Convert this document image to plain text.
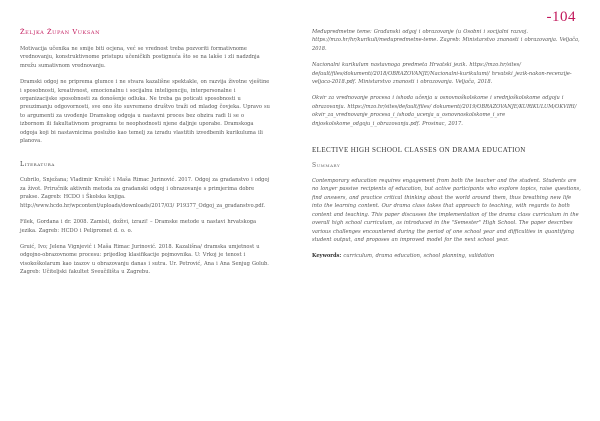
-104

Željka Župan Vuksan

Motivacija učenika ne smije biti ocjena, već se vrednost treba pozvoriti formativnome vrednovanju, konstruktivnome pristupu učeničkih postignuća što se na lakše i zli nadzdnja mrežu sumativnom vrednovanju.

Dramski odgoj ne priprema glumce i ne stvara kazališne spektakle, on razvija životne vještine i sposobnosti, kreativnost, emocionalnu i socijalnu inteligenciju, interpersonalne i organizacijske sposobnosti za donošenje odluka. Ne treba ga poticati sposobnosti u preuzimanju odgovornosti, sve ono što suvremeno društvo traži od mladog čovjeka. Upravo su to argumenti za uvođenje Dramskog odgoja u nastavni proces bez obzira radi li se o izbornom ili fakultativnom programu te neophodnosti njene daljnje uporabe. Dramskoga odgoja koji bi nastavnicima poslužio kao temelj za izradu vlastitih izvedbenih kurikuluma ili planova.

Literatura

Cubrilo, Snježana; Vladimir Krušić i Maša Rimac Jurinović. 2017. Odgoj za gradanstvo i odgoj za život. Priručnik aktivnih metoda za gradanski odgoj i obrazovanje s primjerima dobre prakse. Zagreb: HCDO i Školska knjiga. http://www.hcdo.hr/wpcontent/uploads/downloads/2017/03/ P19377_Odgoj_za_gradanstvo.pdf.

Filek, Gordana i dr. 2008. Zamisli, doživi, izrazi! – Dramske metode u nastavi hrvatskoga jezika. Zagreb: HCDO i Pelipromet d. o. o.

Gruić, Ivo; Jelena Vignjević i Maša Rimac Jurinović. 2018. Kazališna/ dramska umjetnost u odgojno-obrazovnome procesu: prijedlog klasifikacije pojmovnika. U: Vrkoj je tenost i visokoškolarum kao izazov u obrazovanju danas i sutra. Ur. Petrović, Ana i Ana Senjug Golub. Zagreb: Učiteljski fakultet Sveučilišta u Zagrebu.

Međupredmetne teme: Građanski odgoj i obrazovanje (u Osobni i socijalni razvoj. https://mzo.hr/hr/kurikuli/medupredmetne-teme. Zagreb: Ministarstvo znanosti i obrazovanja. Veljača, 2018.

Nacionalni kurikulum nastavnoga predmeta Hrvatski jezik. https://mzo.hr/sites/ default/files/dokumenti/2018/OBRAZOVANJE/Nacionalni-kurikulumi/ hrvatski_jezik-nakon-recenzije-veljaca-2018.pdf. Ministarstvo znanosti i obrazovanja. Veljača, 2018.

Okvir za vrednovanje procesa i ishoda učenja u osnovnoškolskome i srednjoškolskome odgoju i obrazovanju. https://mzo.hr/sites/default/files/ dokumenti/2019/OBRAZOVANJE/KURIKULUM/OKVIRI/ okvir_za_vrednovanje_procesa_i_ishoda_ucenja_u_osnovnoskolskome_i_sre dnjoskolskome_odgoju_i_obrazovanju.pdf. Prosinac, 2017.

ELECTIVE HIGH SCHOOL CLASSES ON DRAMA EDUCATION

Summary

Contemporary education requires engagement from both the teacher and the student. Students are no longer passive recipients of education, but active participants who explore topics, raise questions, find answers, and practice critical thinking about the world around them, thus breathing new life into the learning content. Our drama class takes that approach to teaching, with regards to both content and teaching. This paper discusses the implementation of the drama class curriculum in the overall high school curriculum, as introduced in the "Semester" High School. The paper describes various challenges encountered during the period of one school year and difficulties in quantifying student output, and proposes an improved model for the next school year.

Keywords: curriculum, drama education, school planning, validation
